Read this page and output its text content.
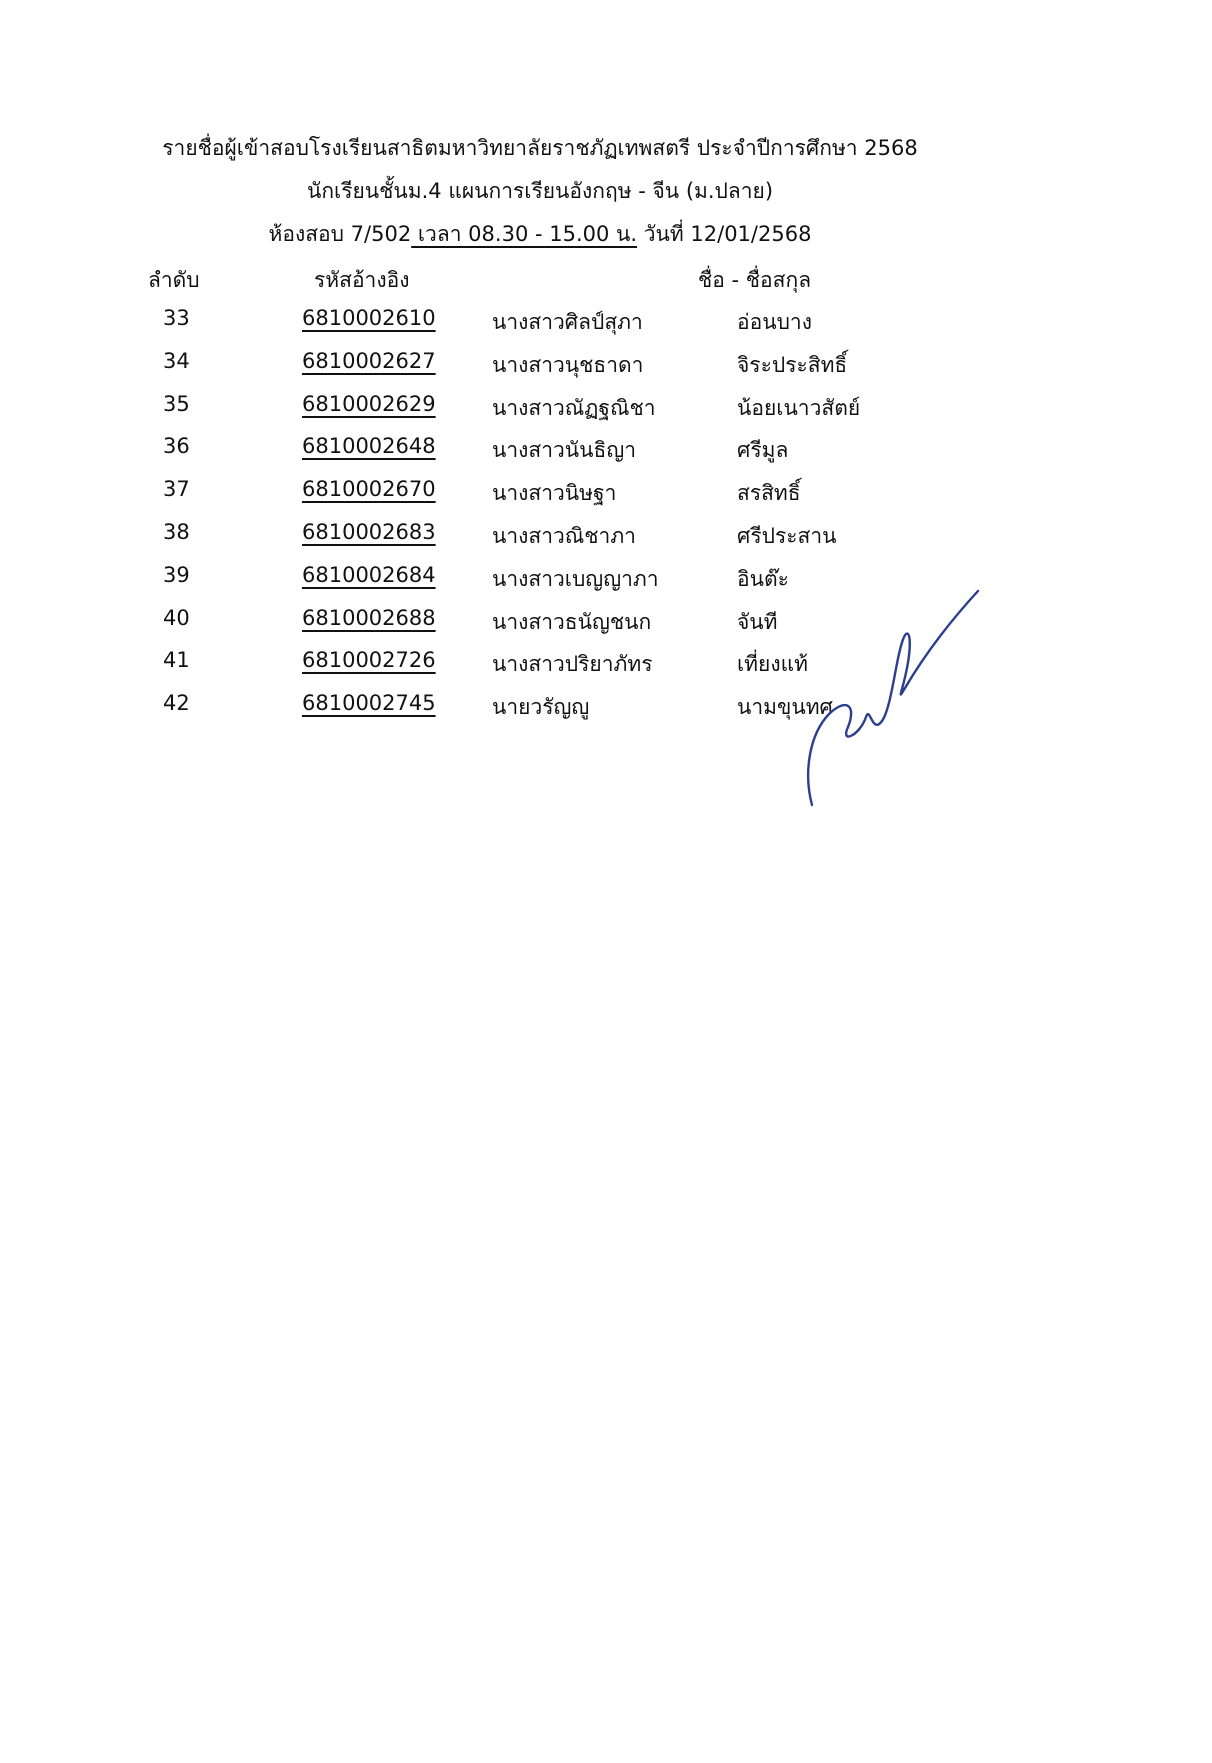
รายชื่อผู้เข้าสอบโรงเรียนสาธิตมหาวิทยาลัยราชภัฏเทพสตรี ประจำปีการศึกษา 2568
นักเรียนชั้นม.4 แผนการเรียนอังกฤษ - จีน (ม.ปลาย)
ห้องสอบ 7/502 เวลา 08.30 - 15.00 น. วันที่ 12/01/2568
ลำดับ	รหัสอ้างอิง	ชื่อ - ชื่อสกุล
33	6810002610	นางสาวศิลป์สุภา	อ่อนบาง
34	6810002627	นางสาวนุชธาดา	จิระประสิทธิ์
35	6810002629	นางสาวณัฏฐณิชา	น้อยเนาวสัตย์
36	6810002648	นางสาวนันธิญา	ศรีมูล
37	6810002670	นางสาวนิษฐา	สรสิทธิ์
38	6810002683	นางสาวณิชาภา	ศรีประสาน
39	6810002684	นางสาวเบญญาภา	อินต๊ะ
40	6810002688	นางสาวธนัญชนก	จันที
41	6810002726	นางสาวปริยาภัทร	เที่ยงแท้
42	6810002745	นายวรัญญู	นามขุนทศ
